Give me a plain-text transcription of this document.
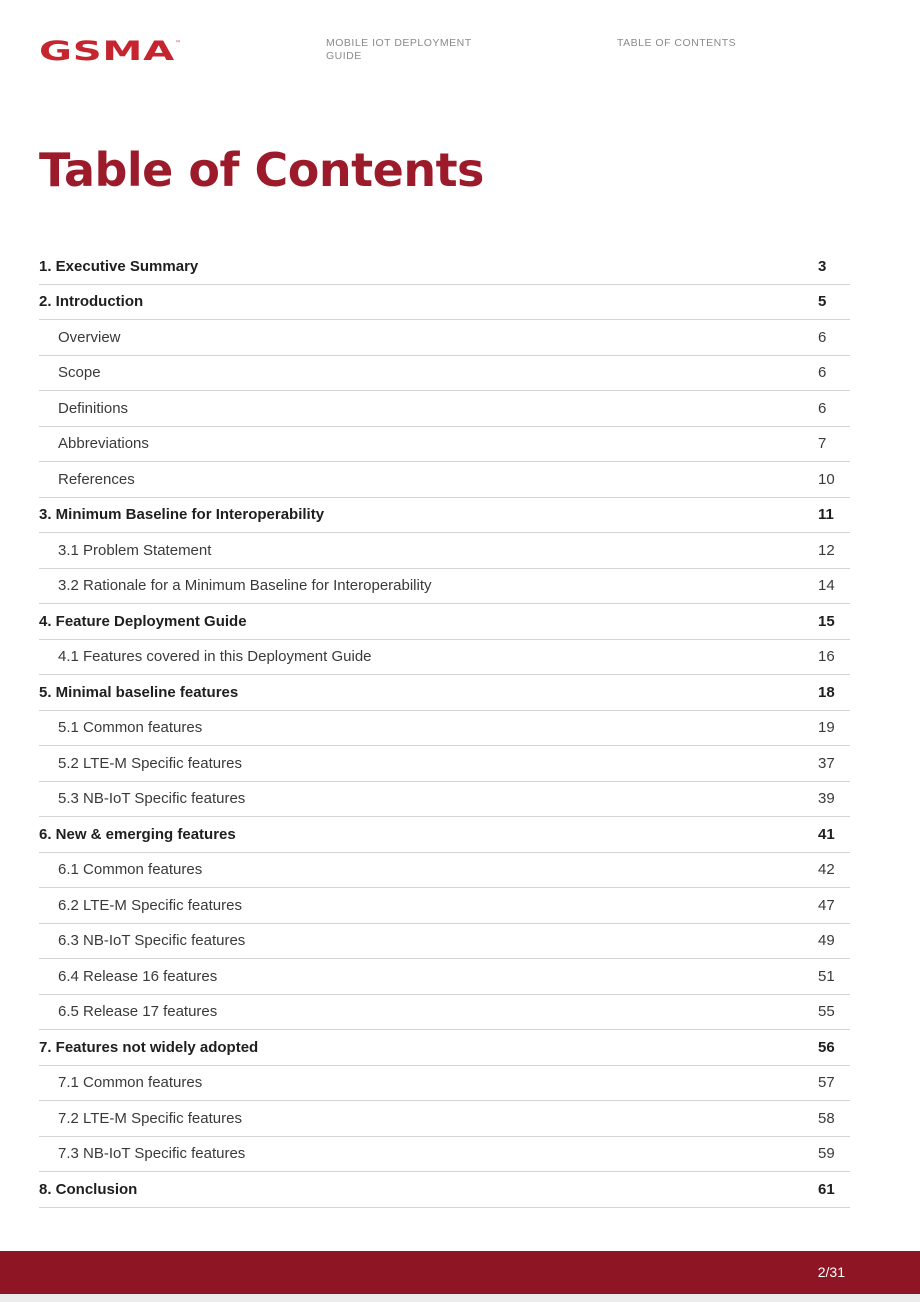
GSMA ™	MOBILE IOT DEPLOYMENT GUIDE
TABLE OF CONTENTS
Table of Contents
1. Executive Summary	3
2. Introduction	5
Overview	6
Scope	6
Definitions	6
Abbreviations	7
References	10
3. Minimum Baseline for Interoperability	11
3.1 Problem Statement	12
3.2 Rationale for a Minimum Baseline for Interoperability	14
4. Feature Deployment Guide	15
4.1 Features covered in this Deployment Guide	16
5. Minimal baseline features	18
5.1 Common features	19
5.2 LTE-M Specific features	37
5.3 NB-IoT Specific features	39
6. New & emerging features	41
6.1 Common features	42
6.2 LTE-M Specific features	47
6.3 NB-IoT Specific features	49
6.4 Release 16 features	51
6.5 Release 17 features	55
7. Features not widely adopted	56
7.1 Common features	57
7.2 LTE-M Specific features	58
7.3 NB-IoT Specific features	59
8. Conclusion	61
2/31
